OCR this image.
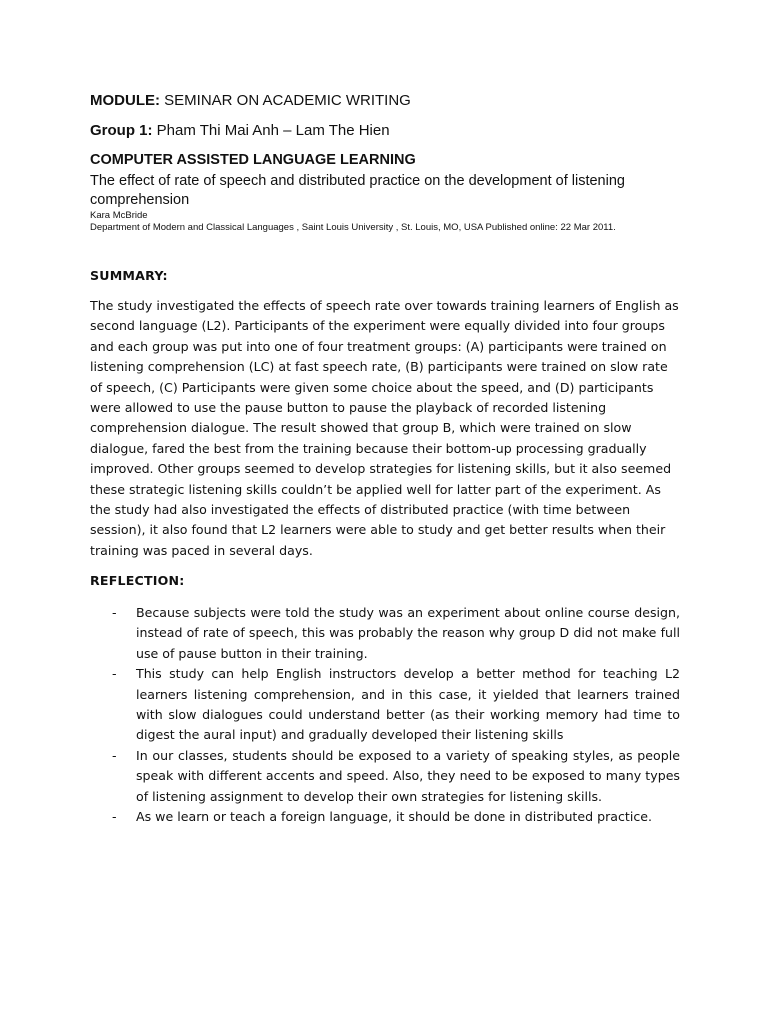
MODULE: SEMINAR ON ACADEMIC WRITING
Group 1: Pham Thi Mai Anh – Lam The Hien
COMPUTER ASSISTED LANGUAGE LEARNING
The effect of rate of speech and distributed practice on the development of listening comprehension
Kara McBride
Department of Modern and Classical Languages , Saint Louis University , St. Louis, MO, USA Published online: 22 Mar 2011.
SUMMARY:

The study investigated the effects of speech rate over towards training learners of English as second language (L2). Participants of the experiment were equally divided into four groups and each group was put into one of four treatment groups: (A) participants were trained on listening comprehension (LC) at fast speech rate, (B) participants were trained on slow rate of speech, (C) Participants were given some choice about the speed, and (D) participants were allowed to use the pause button to pause the playback of recorded listening comprehension dialogue. The result showed that group B, which were trained on slow dialogue, fared the best from the training because their bottom-up processing gradually improved. Other groups seemed to develop strategies for listening skills, but it also seemed these strategic listening skills couldn’t be applied well for latter part of the experiment. As the study had also investigated the effects of distributed practice (with time between session), it also found that L2 learners were able to study and get better results when their training was paced in several days.

REFLECTION:
- Because subjects were told the study was an experiment about online course design, instead of rate of speech, this was probably the reason why group D did not make full use of pause button in their training.
- This study can help English instructors develop a better method for teaching L2 learners listening comprehension, and in this case, it yielded that learners trained with slow dialogues could understand better (as their working memory had time to digest the aural input) and gradually developed their listening skills
- In our classes, students should be exposed to a variety of speaking styles, as people speak with different accents and speed. Also, they need to be exposed to many types of listening assignment to develop their own strategies for listening skills.
- As we learn or teach a foreign language, it should be done in distributed practice.
